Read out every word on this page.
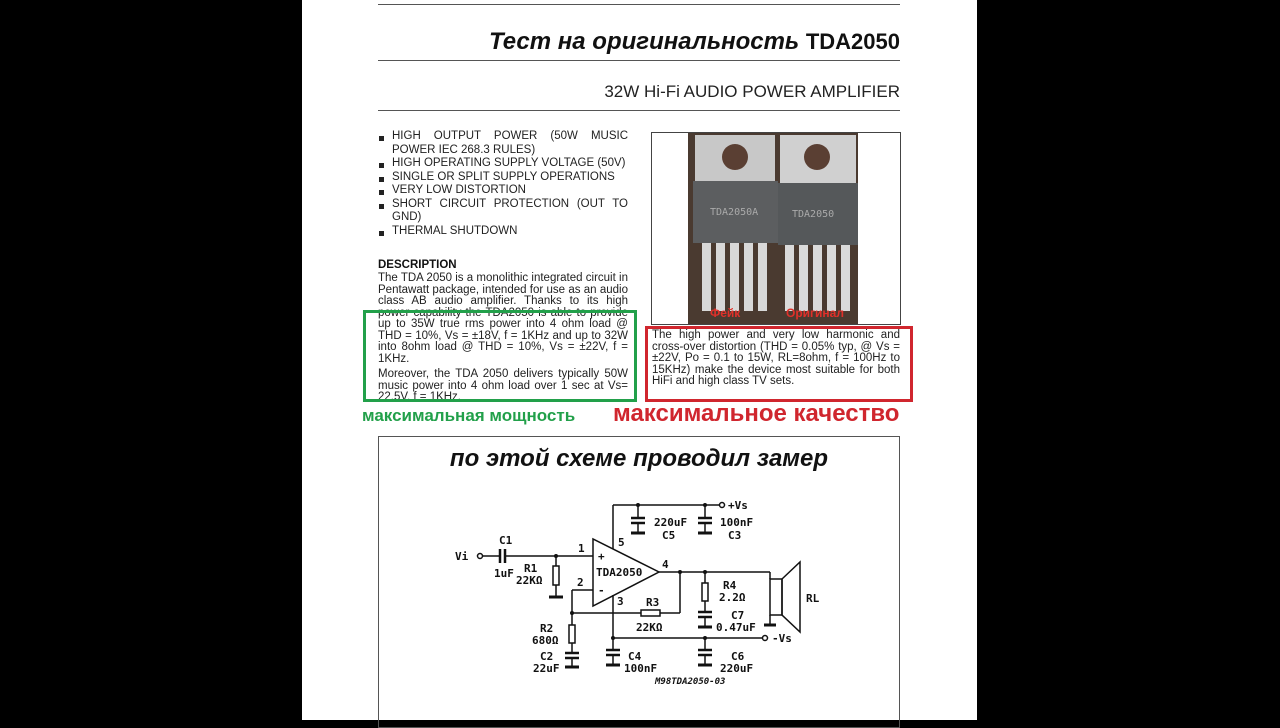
Тест на оригинальность TDA2050
32W Hi-Fi AUDIO POWER AMPLIFIER
HIGH OUTPUT POWER (50W MUSIC POWER IEC 268.3 RULES)
HIGH OPERATING SUPPLY VOLTAGE (50V)
SINGLE OR SPLIT SUPPLY OPERATIONS
VERY LOW DISTORTION
SHORT CIRCUIT PROTECTION (OUT TO GND)
THERMAL SHUTDOWN
DESCRIPTION

The TDA 2050 is a monolithic integrated circuit in Pentawatt package, intended for use as an audio class AB audio amplifier. Thanks to its high power capability the TDA2050 is able to provide up to 35W true rms power into 4 ohm load @ THD = 10%, Vs = ±18V, f = 1KHz and up to 32W into 8ohm load @ THD = 10%, Vs = ±22V, f = 1KHz.

Moreover, the TDA 2050 delivers typically 50W music power into 4 ohm load over 1 sec at Vs= 22.5V, f = 1KHz.

TDA2050A	TDA2050
Фейк	Оригинал
The high power and very low harmonic and cross-over distortion (THD = 0.05% typ, @ Vs = ±22V, Po = 0.1 to 15W, RL=8ohm, f = 100Hz to 15KHz) make the device most suitable for both HiFi and high class TV sets.
максимальная мощность максимальное качество
по этой схеме проводил замер
Vi
C1
1uF R1
22KΩ
1
2
3
4
5
+
-
TDA2050
+Vs
220uF
C5
100nF
C3
R4
2.2Ω
C7
0.47uF
R3
22KΩ
R2
680Ω
C2
22uF
C4
100nF
C6
220uF
-Vs
RL
M98TDA2050-03
